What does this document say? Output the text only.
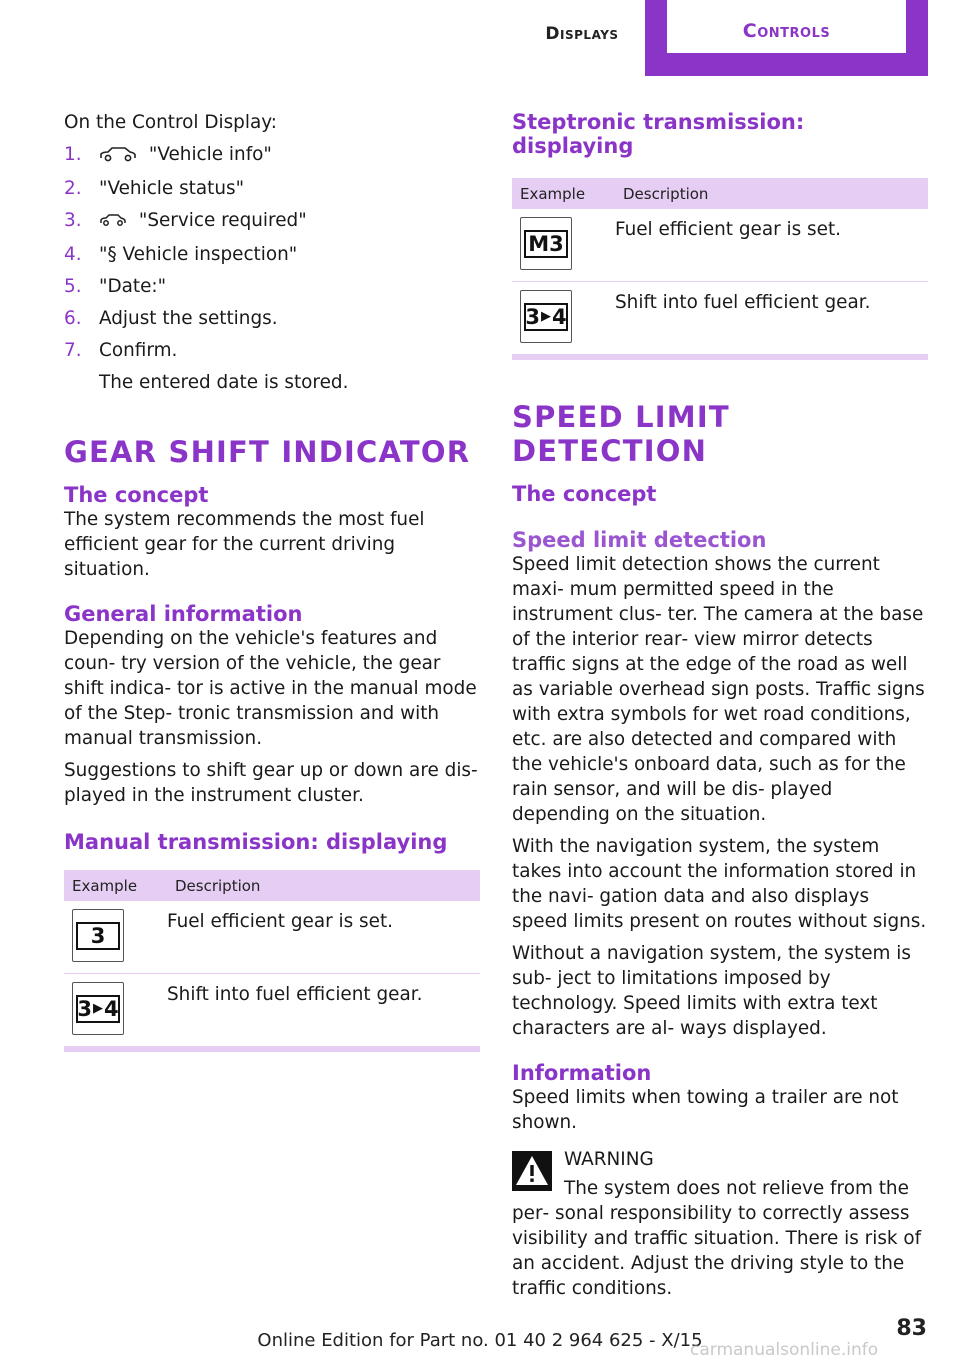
Displays	Controls

On the Control Display:

1.	"Vehicle info"
2. "Vehicle status"
3.	"Service required"
4. "§ Vehicle inspection"
5. "Date:"
6. Adjust the settings.
7. Confirm.
The entered date is stored.
GEAR SHIFT INDICATOR
The concept

The system recommends the most fuel efficient gear for the current driving situation.

General information

Depending on the vehicle's features and coun‐ try version of the vehicle, the gear shift indica‐ tor is active in the manual mode of the Step‐ tronic transmission and with manual transmission.

Suggestions to shift gear up or down are dis‐ played in the instrument cluster.

Manual transmission: displaying
Example	Description

3	Fuel efficient gear is set.

3 ▶ 4	Shift into fuel efficient gear.
Steptronic transmission: displaying
Example	Description

M3	Fuel efficient gear is set.

3 ▶ 4	Shift into fuel efficient gear.
SPEED LIMIT DETECTION
The concept
Speed limit detection

Speed limit detection shows the current maxi‐ mum permitted speed in the instrument clus‐ ter. The camera at the base of the interior rear‐ view mirror detects traffic signs at the edge of the road as well as variable overhead sign posts. Traffic signs with extra symbols for wet road conditions, etc. are also detected and compared with the vehicle's onboard data, such as for the rain sensor, and will be dis‐ played depending on the situation.

With the navigation system, the system takes into account the information stored in the navi‐ gation data and also displays speed limits present on routes without signs.

Without a navigation system, the system is sub‐ ject to limitations imposed by technology. Speed limits with extra text characters are al‐ ways displayed.

Information

Speed limits when towing a trailer are not shown.

WARNING

The system does not relieve from the per‐ sonal responsibility to correctly assess visibility and traffic situation. There is risk of an accident. Adjust the driving style to the traffic conditions.

83
Online Edition for Part no. 01 40 2 964 625 - X/15
carmanualsonline.info
